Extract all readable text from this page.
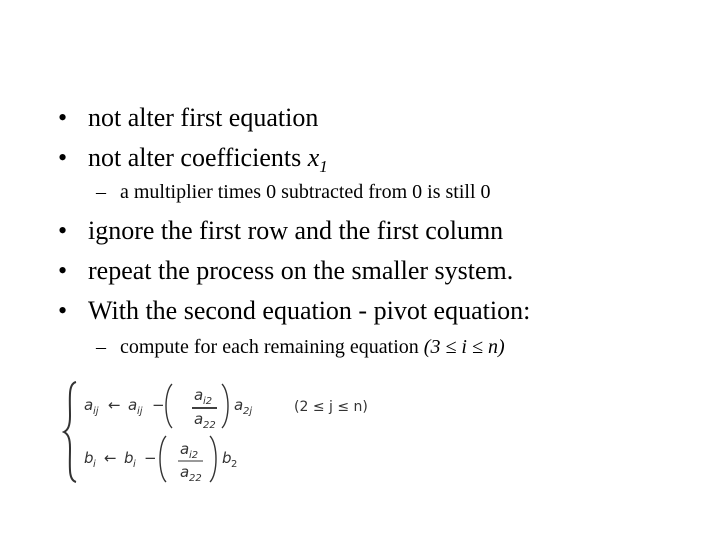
• not alter first equation
• not alter coefficients $x_1$
– a multiplier times 0 subtracted from 0 is still 0
• ignore the first row and the first column
• repeat the process on the smaller system.
• With the second equation - pivot equation:
– compute for each remaining equation (3 ≤ i ≤ n)
a ij ← a ij −
a i2
a 22
a 2j	(2 ≤ j ≤ n)
b i ← b i − a i2
a 22
b 2
